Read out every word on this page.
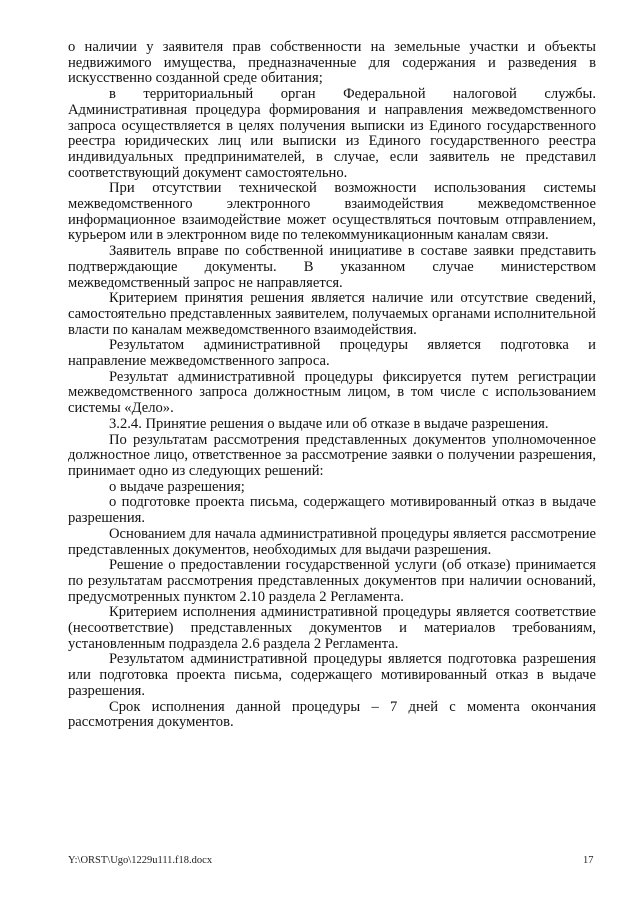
о наличии у заявителя прав собственности на земельные участки и объекты недвижимого имущества, предназначенные для содержания и разведения в искусственно созданной среде обитания;

в территориальный орган Федеральной налоговой службы. Административная процедура формирования и направления межведомственного запроса осуществляется в целях получения выписки из Единого государственного реестра юридических лиц или выписки из Единого государственного реестра индивидуальных предпринимателей, в случае, если заявитель не представил соответствующий документ самостоятельно.

При отсутствии технической возможности использования системы межведомственного электронного взаимодействия межведомственное информационное взаимодействие может осуществляться почтовым отправлением, курьером или в электронном виде по телекоммуникационным каналам связи.

Заявитель вправе по собственной инициативе в составе заявки представить подтверждающие документы. В указанном случае министерством межведомственный запрос не направляется.

Критерием принятия решения является наличие или отсутствие сведений, самостоятельно представленных заявителем, получаемых органами исполнительной власти по каналам межведомственного взаимодействия.

Результатом административной процедуры является подготовка и направление межведомственного запроса.

Результат административной процедуры фиксируется путем регистрации межведомственного запроса должностным лицом, в том числе с использованием системы «Дело».

3.2.4. Принятие решения о выдаче или об отказе в выдаче разрешения.

По результатам рассмотрения представленных документов уполномоченное должностное лицо, ответственное за рассмотрение заявки о получении разрешения, принимает одно из следующих решений:

о выдаче разрешения;

о подготовке проекта письма, содержащего мотивированный отказ в выдаче разрешения.

Основанием для начала административной процедуры является рассмотрение представленных документов, необходимых для выдачи разрешения.

Решение о предоставлении государственной услуги (об отказе) принимается по результатам рассмотрения представленных документов при наличии оснований, предусмотренных пунктом 2.10 раздела 2 Регламента.

Критерием исполнения административной процедуры является соответствие (несоответствие) представленных документов и материалов требованиям, установленным подраздела 2.6 раздела 2 Регламента.

Результатом административной процедуры является подготовка разрешения или подготовка проекта письма, содержащего мотивированный отказ в выдаче разрешения.

Срок исполнения данной процедуры – 7 дней с момента окончания рассмотрения документов.

Y:\ORST\Ugo\1229u111.f18.docx	17
